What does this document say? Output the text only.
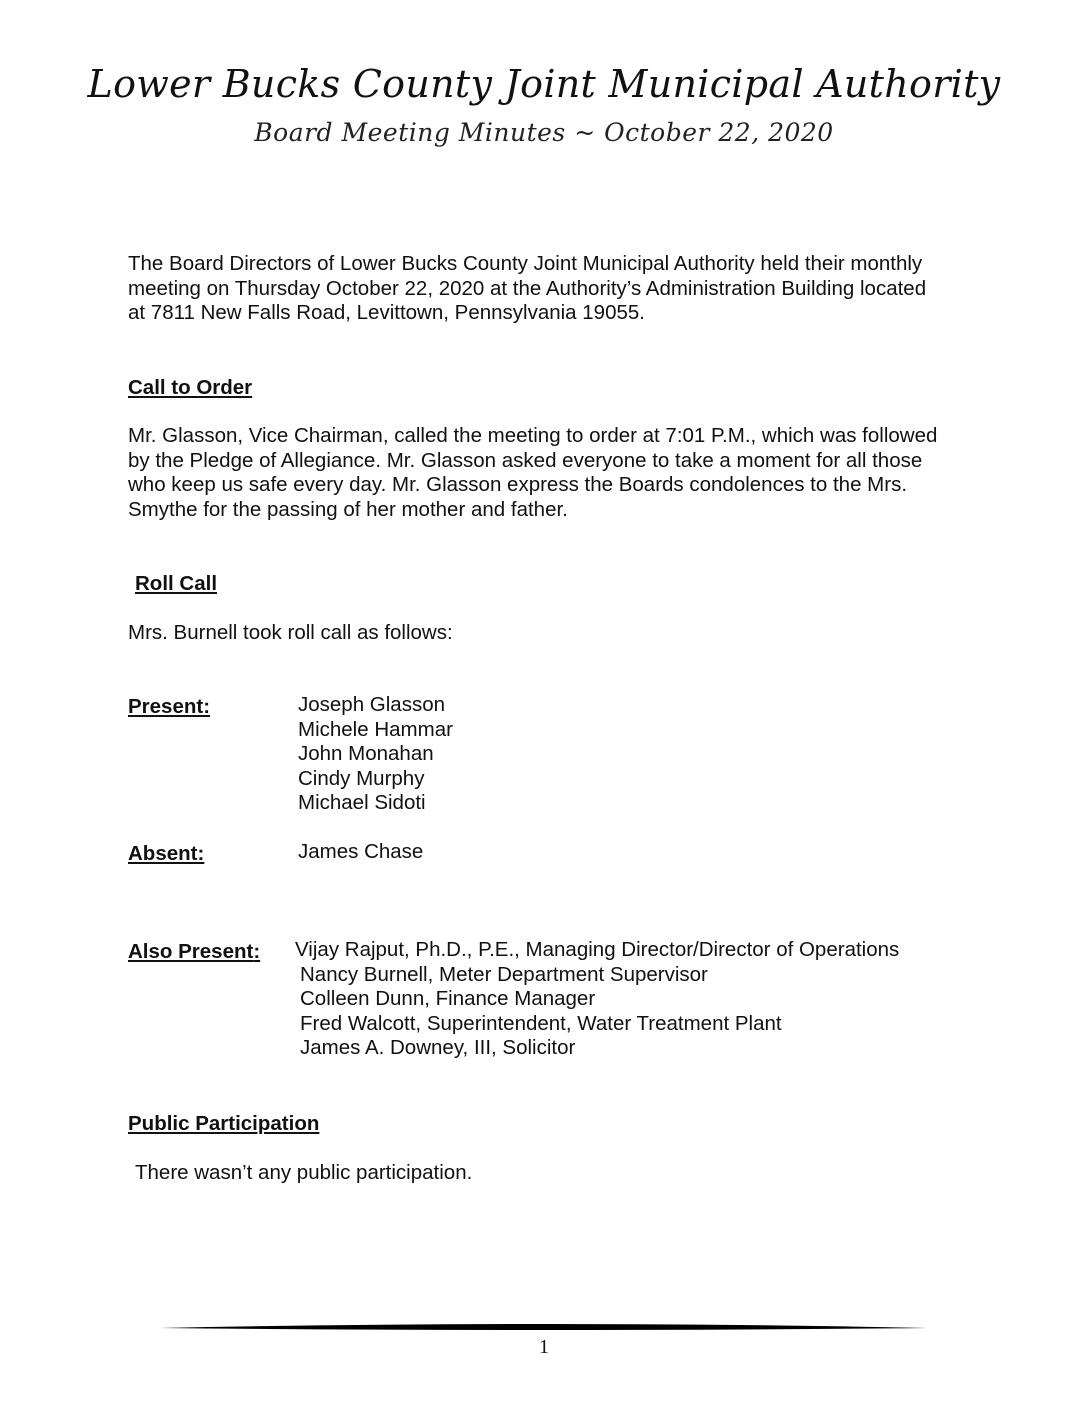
Lower Bucks County Joint Municipal Authority
Board Meeting Minutes ~ October 22, 2020
The Board Directors of Lower Bucks County Joint Municipal Authority held their monthly
meeting on Thursday October 22, 2020 at the Authority’s Administration Building located
at 7811 New Falls Road, Levittown, Pennsylvania 19055.
Call to Order
Mr. Glasson, Vice Chairman, called the meeting to order at 7:01 P.M., which was followed
by the Pledge of Allegiance. Mr. Glasson asked everyone to take a moment for all those
who keep us safe every day. Mr. Glasson express the Boards condolences to the Mrs.
Smythe for the passing of her mother and father.
Roll Call
Mrs. Burnell took roll call as follows:
Present:	Joseph Glasson
Michele Hammar
John Monahan
Cindy Murphy
Michael Sidoti
Absent:	James Chase
Also Present: Vijay Rajput, Ph.D., P.E., Managing Director/Director of Operations
Nancy Burnell, Meter Department Supervisor
Colleen Dunn, Finance Manager
Fred Walcott, Superintendent, Water Treatment Plant
James A. Downey, III, Solicitor
Public Participation
There wasn’t any public participation.
1
